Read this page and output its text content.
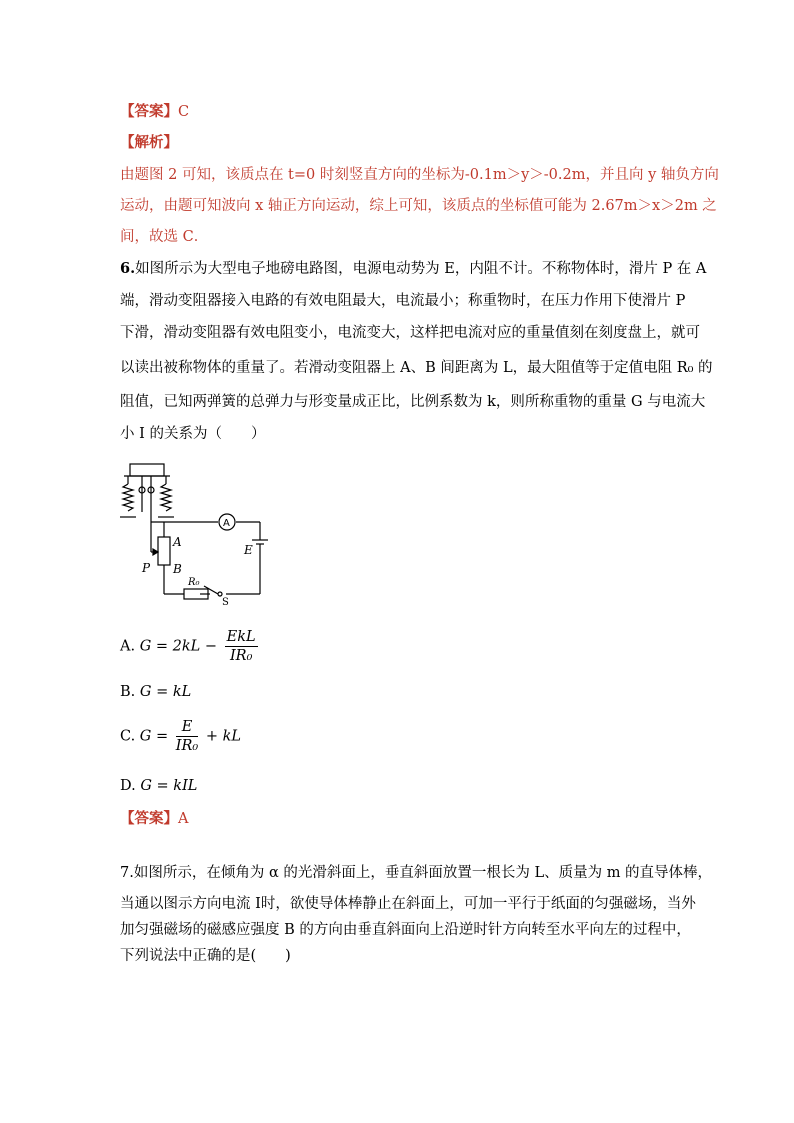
【答案】C
【解析】
由题图 2 可知，该质点在 t=0 时刻竖直方向的坐标为-0.1m＞y＞-0.2m，并且向 y 轴负方向
运动，由题可知波向 x 轴正方向运动，综上可知，该质点的坐标值可能为 2.67m＞x＞2m 之
间，故选 C．
6.如图所示为大型电子地磅电路图，电源电动势为 E，内阻不计。不称物体时，滑片 P 在 A
端，滑动变阻器接入电路的有效电阻最大，电流最小；称重物时，在压力作用下使滑片 P
下滑，滑动变阻器有效电阻变小，电流变大，这样把电流对应的重量值刻在刻度盘上，就可
以读出被称物体的重量了。若滑动变阻器上 A、B 间距离为 L，最大阻值等于定值电阻 R₀ 的
阻值，已知两弹簧的总弹力与形变量成正比，比例系数为 k，则所称重物的重量 G 与电流大
小 I 的关系为（　　）
A
A
B
P
E
R₀
S
A. $G = 2kL - \frac{\text{EkL}}{\text{IR₀}}$
B. G = kL
C. $G = \frac{E}{\text{IR₀}}$ + kL
D. G = kIL
【答案】A
7.如图所示，在倾角为 α 的光滑斜面上，垂直斜面放置一根长为 L、质量为 m 的直导体棒，
当通以图示方向电流 I时，欲使导体棒静止在斜面上，可加一平行于纸面的匀强磁场，当外
加匀强磁场的磁感应强度 B 的方向由垂直斜面向上沿逆时针方向转至水平向左的过程中，
下列说法中正确的是(　　)
